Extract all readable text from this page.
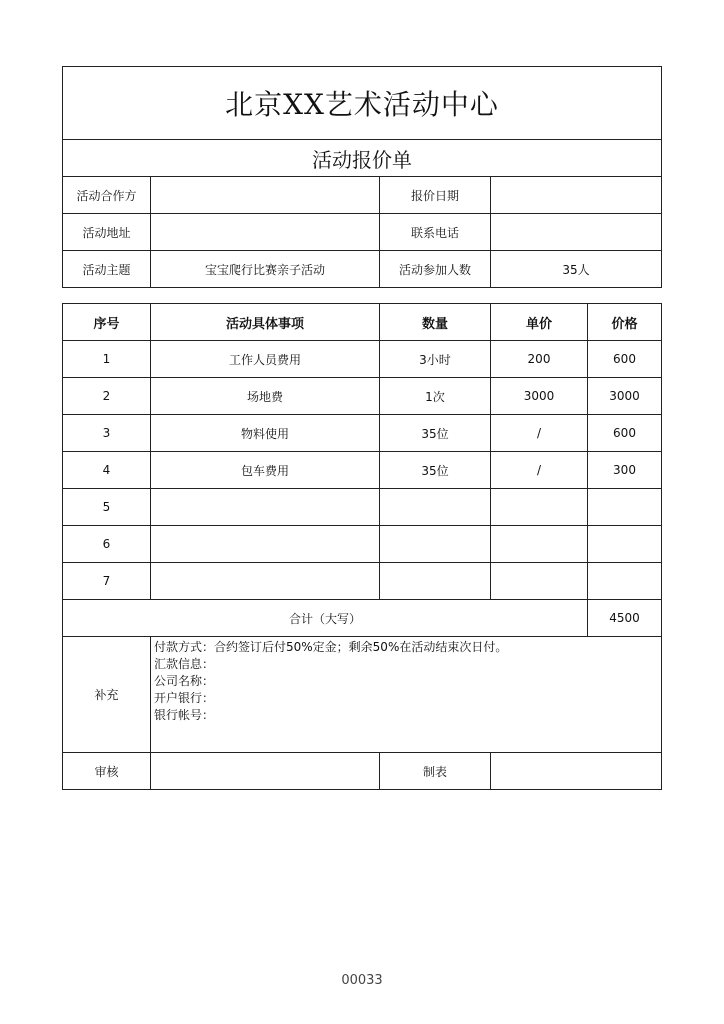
北京XX艺术活动中心			
活动报价单			
活动合作方		报价日期	
活动地址		联系电话	
活动主题	宝宝爬行比赛亲子活动	活动参加人数	35人
序号	活动具体事项	数量	单价	价格
1	工作人员费用	3小时	200	600
2	场地费	1次	3000	3000
3	物料使用	35位	/	600
4	包车费用	35位	/	300
5				
6				
7				
合计（大写）				4500
补充	付款方式：合约签订后付50%定金；剩余50%在活动结束次日付。
汇款信息：
公司名称：
开户银行：
银行帐号：			

审核		制表		
00033
